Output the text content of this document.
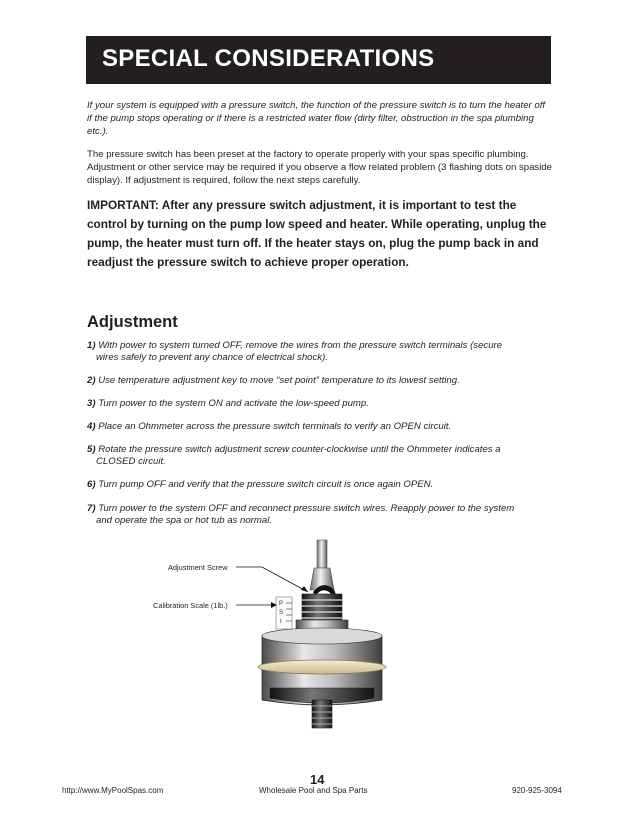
SPECIAL CONSIDERATIONS
If your system is equipped with a pressure switch, the function of the pressure switch is to turn the heater off if the pump stops operating or if there is a restricted water flow (dirty filter, obstruction in the spa plumbing etc.).
The pressure switch has been preset at the factory to operate properly with your spas specific plumbing. Adjustment or other service may be required if you observe a flow related problem (3 flashing dots on spaside display). If adjustment is required, follow the next steps carefully.
IMPORTANT: After any pressure switch adjustment, it is important to test the control by turning on the pump low speed and heater. While operating, unplug the pump, the heater must turn off. If the heater stays on, plug the pump back in and readjust the pressure switch to achieve proper operation.
Adjustment
1) With power to system turned OFF, remove the wires from the pressure switch terminals (secure
wires safely to prevent any chance of electrical shock).
2) Use temperature adjustment key to move “set point” temperature to its lowest setting.
3) Turn power to the system ON and activate the low-speed pump.
4) Place an Ohmmeter across the pressure switch terminals to verify an OPEN circuit.
5) Rotate the pressure switch adjustment screw counter-clockwise until the Ohmmeter indicates a
CLOSED circuit.
6) Turn pump OFF and verify that the pressure switch circuit is once again OPEN.
7) Turn power to the system OFF and reconnect pressure switch wires. Reapply power to the system
and operate the spa or hot tub as normal.
P
S
I
Adjustment Screw
Calibration Scale (1lb.)
14
http://www.MyPoolSpas.com	Wholesale Pool and Spa Parts	920-925-3094
